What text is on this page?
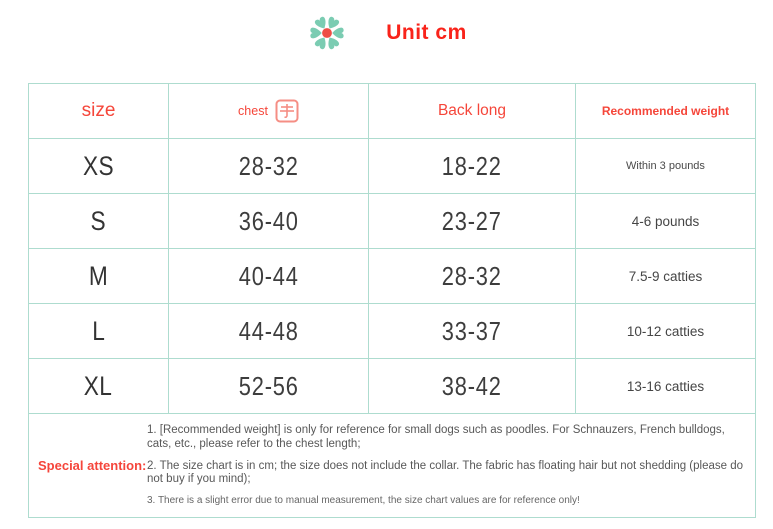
Unit cm
size	chest	Back long	Recommended weight
XS	28-32	18-22	Within 3 pounds
S	36-40	23-27	4-6 pounds
M	40-44	28-32	7.5-9 catties
L	44-48	33-37	10-12 catties
XL	52-56	38-42	13-16 catties

Special attention:
1. [Recommended weight] is only for reference for small dogs such as poodles. For Schnauzers, French bulldogs, cats, etc., please refer to the chest length;
2. The size chart is in cm; the size does not include the collar. The fabric has floating hair but not shedding (please do not buy if you mind);
3. There is a slight error due to manual measurement, the size chart values are for reference only!			
